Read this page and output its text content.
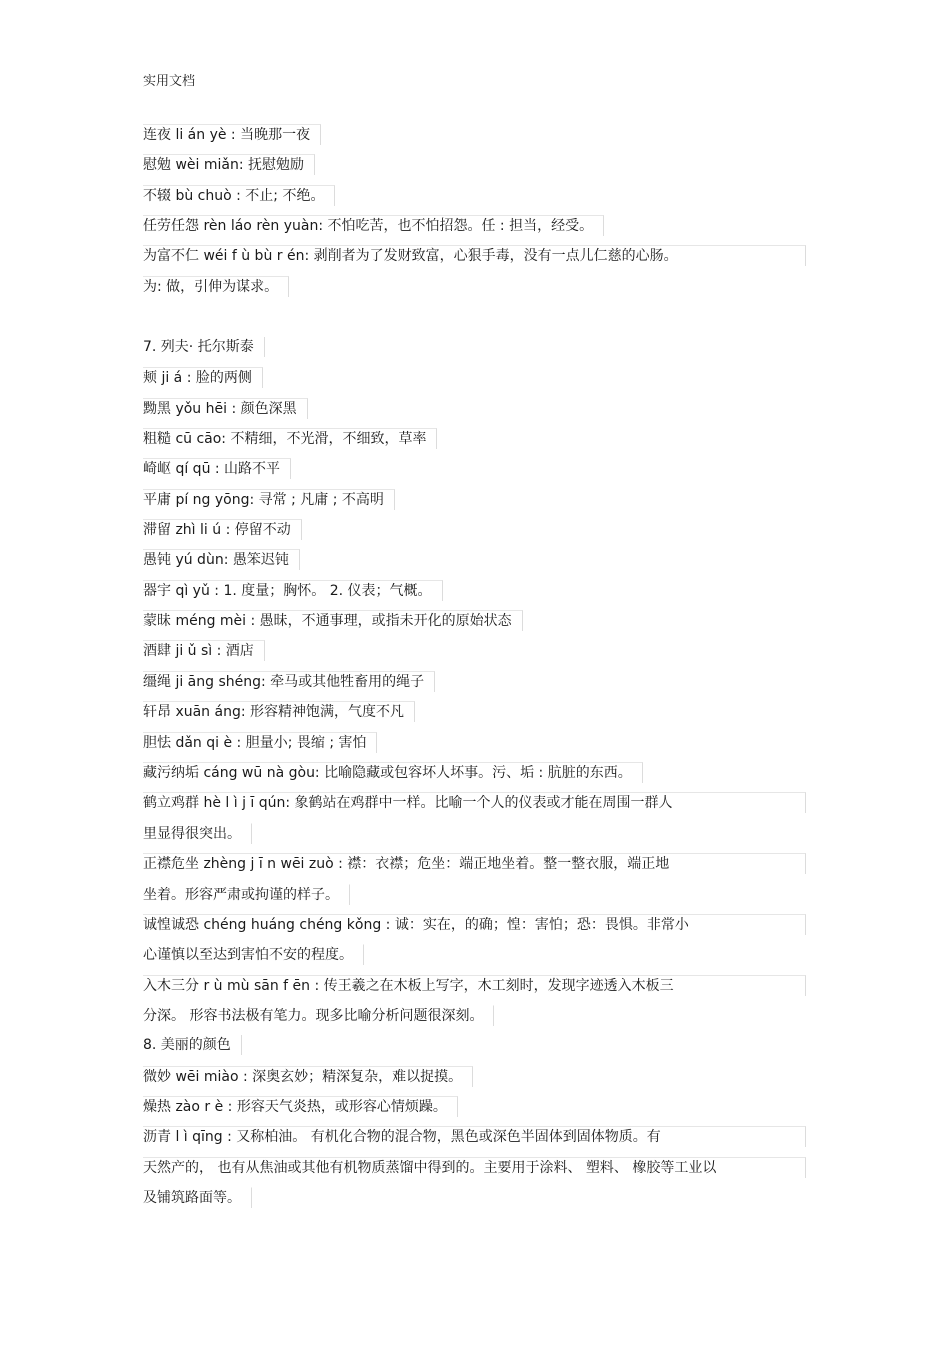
实用文档
连夜 li án yè : 当晚那一夜
慰勉 wèi miǎn: 抚慰勉励
不辍 bù chuò : 不止; 不绝。
任劳任怨 rèn láo rèn yuàn: 不怕吃苦，也不怕招怨。任 : 担当，经受。
为富不仁 wéi f ù bù r én: 剥削者为了发财致富，心狠手毒，没有一点儿仁慈的心肠。
为: 做，引伸为谋求。
7. 列夫· 托尔斯泰
颊 ji á : 脸的两侧
黝黑 yǒu hēi : 颜色深黑
粗糙 cū cāo: 不精细，不光滑，不细致，草率
崎岖 qí qū : 山路不平
平庸 pí ng yōng: 寻常 ; 凡庸 ; 不高明
滞留 zhì li ú : 停留不动
愚钝 yú dùn: 愚笨迟钝
器宇 qì yǔ : 1. 度量；胸怀。 2. 仪表；气概。
蒙昧 méng mèi : 愚昧，不通事理，或指未开化的原始状态
酒肆 ji ǔ sì : 酒店
缰绳 ji āng shéng: 牵马或其他牲畜用的绳子
轩昂 xuān áng: 形容精神饱满，气度不凡
胆怯 dǎn qi è : 胆量小; 畏缩 ; 害怕
藏污纳垢 cáng wū nà gòu: 比喻隐藏或包容坏人坏事。污、垢 : 肮脏的东西。
鹤立鸡群 hè l ì j ī qún: 象鹤站在鸡群中一样。比喻一个人的仪表或才能在周围一群人
里显得很突出。
正襟危坐 zhèng j ī n wēi zuò : 襟：衣襟；危坐：端正地坐着。整一整衣服，端正地
坐着。形容严肃或拘谨的样子。
诚惶诚恐 chéng huáng chéng kǒng : 诚：实在，的确；惶：害怕；恐：畏惧。非常小
心谨慎以至达到害怕不安的程度。
入木三分 r ù mù sān f ēn : 传王羲之在木板上写字，木工刻时，发现字迹透入木板三
分深。 形容书法极有笔力。现多比喻分析问题很深刻。
8. 美丽的颜色
微妙 wēi miào : 深奥玄妙；精深复杂，难以捉摸。
燥热 zào r è : 形容天气炎热，或形容心情烦躁。
沥青 l ì qīng : 又称柏油。 有机化合物的混合物，黑色或深色半固体到固体物质。有
天然产的， 也有从焦油或其他有机物质蒸馏中得到的。主要用于涂料、 塑料、 橡胶等工业以
及铺筑路面等。
